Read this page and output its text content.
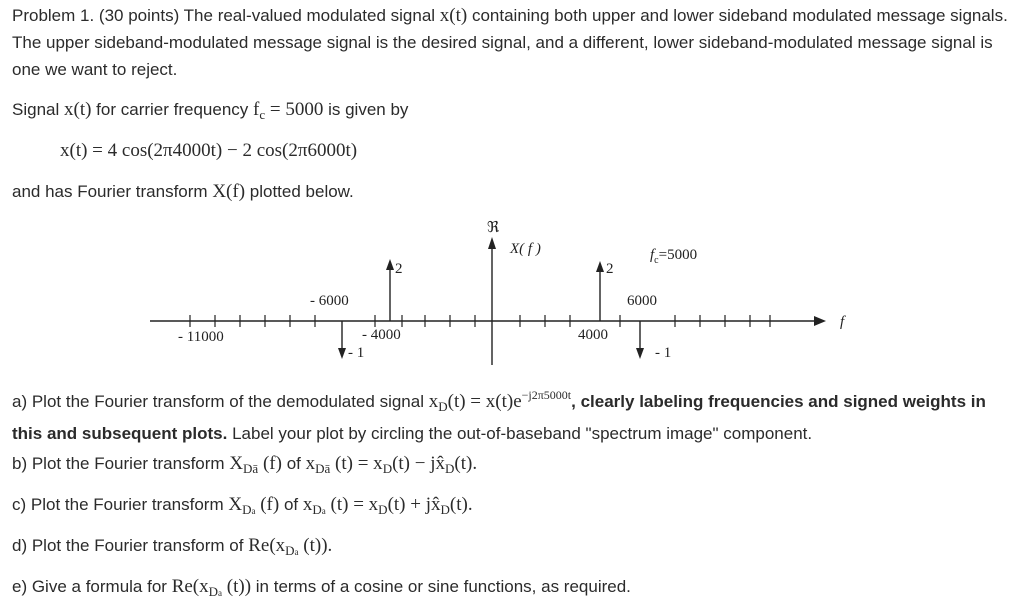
Problem 1. (30 points) The real-valued modulated signal x(t) containing both upper and lower sideband modulated message signals. The upper sideband-modulated message signal is the desired signal, and a different, lower sideband-modulated message signal is one we want to reject.

Signal x(t) for carrier frequency $f_c = 5000$ is given by

x(t) = 4 cos(2π4000t) − 2 cos(2π6000t)

and has Fourier transform X(f) plotted below.

f
ℜ
X( f )
2
- 6000
- 1
- 4000
- 11000
2
4000
- 1
6000
$f_c=5000$

a) Plot the Fourier transform of the demodulated signal $x_D(t) = x(t)e^{-j2\pi 5000t}$, clearly labeling frequencies and signed weights in this and subsequent plots. Label your plot by circling the out-of-baseband "spectrum image" component.

b) Plot the Fourier transform $X_{Dā}$ (f) of $x_{Dā}$ $(t) = x_D(t)$ − $jx̂_D(t)$.

c) Plot the Fourier transform $X_{Da}$ (f) of $x_{Da}$ $(t) = x_D(t)$ + $jx̂_D(t)$.

d) Plot the Fourier transform of $Re(x_{Da}$ (t)).

e) Give a formula for $Re(x_{Da}$ (t)) in terms of a cosine or sine functions, as required.
